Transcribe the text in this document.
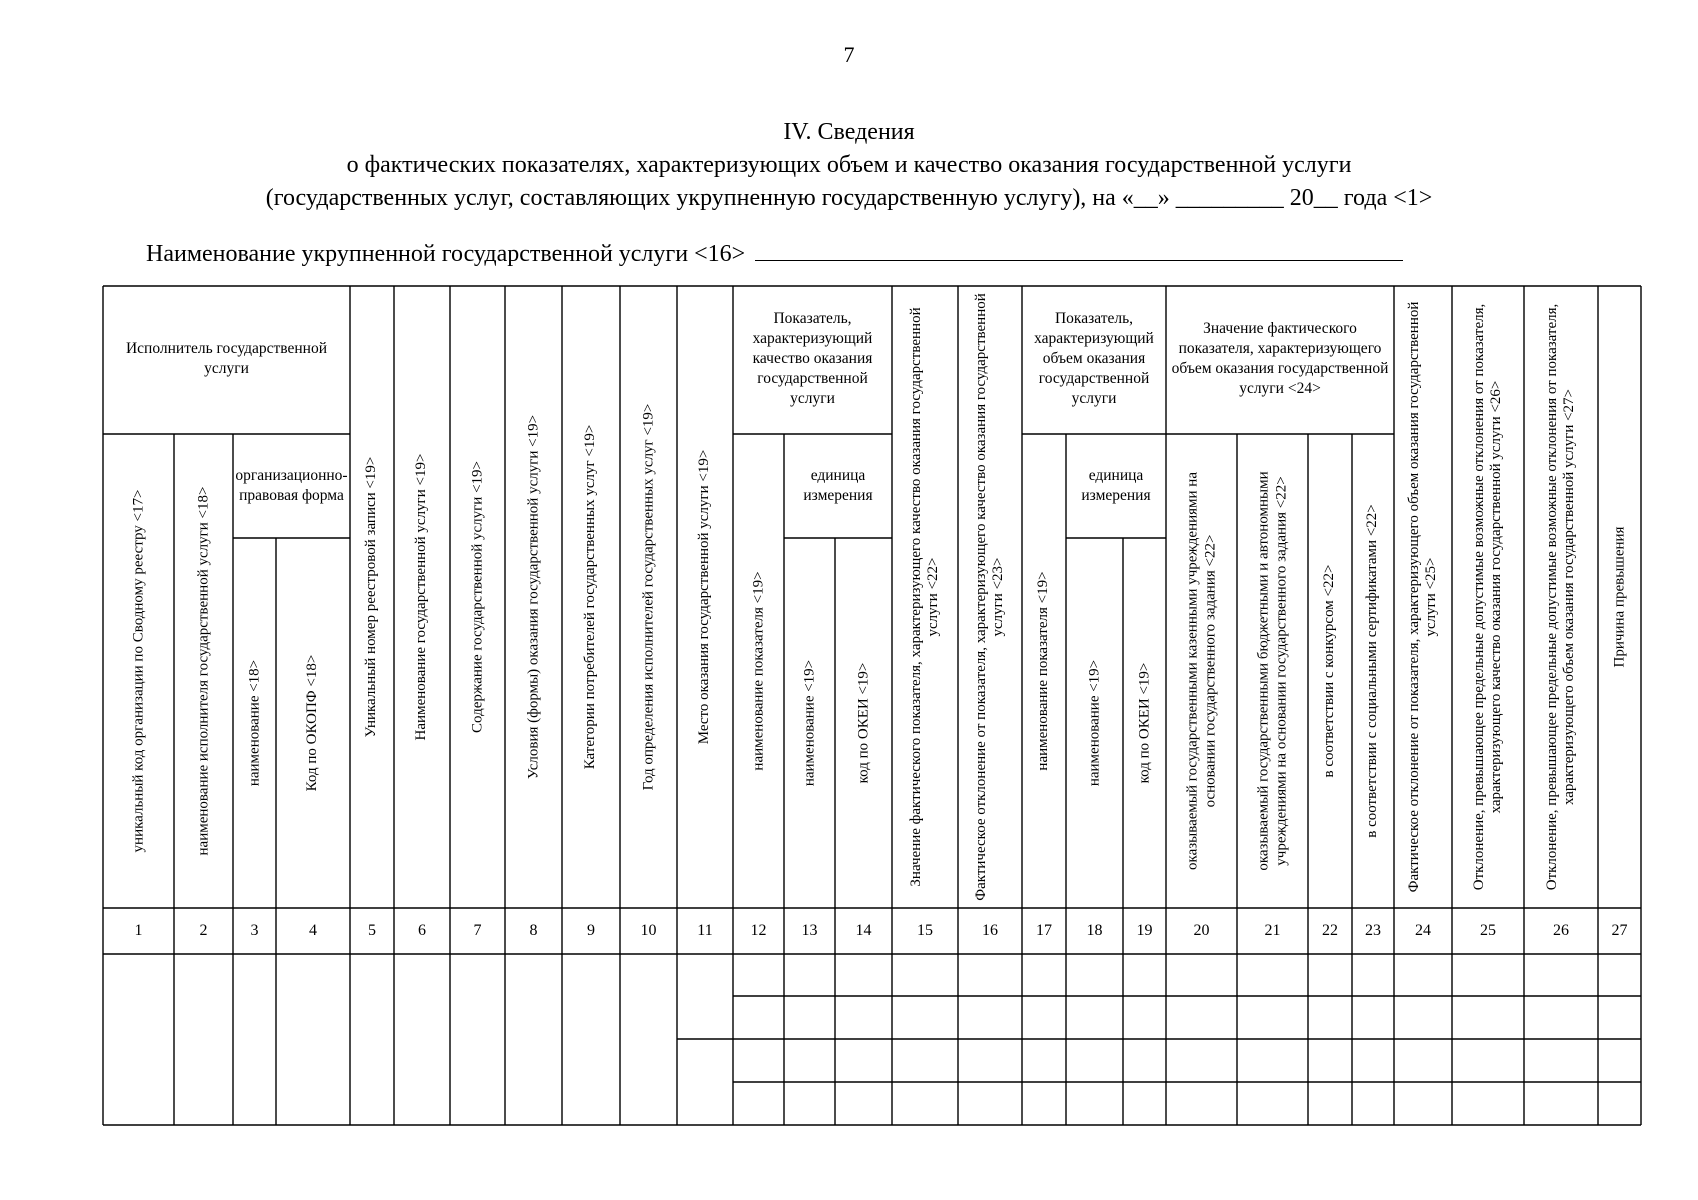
7
IV. Сведения
о фактических показателях, характеризующих объем и качество оказания государственной услуги
(государственных услуг, составляющих укрупненную государственную услугу), на «__» _________ 20__ года <1>
Наименование укрупненной государственной услуги <16>
Исполнитель государственной услуги
организационно-правовая форма
Показатель, характеризующий качество оказания государственной услуги
единица измерения
Показатель, характеризующий объем оказания государственной услуги
единица измерения
Значение фактического показателя, характеризующего объем оказания государственной услуги <24>
уникальный код организации по Сводному реестру <17>
1
наименование исполнителя государственной услуги <18>
2
наименование <18>
3
Код по ОКОПФ <18>
4
Уникальный номер реестровой записи <19>
5
Наименование государственной услуги <19>
6
Содержание государственной услуги <19>
7
Условия (формы) оказания государственной услуги <19>
8
Категории потребителей государственных услуг <19>
9
Год определения исполнителей государственных услуг <19>
10
Место оказания государственной услуги <19>
11
наименование показателя <19>
12
наименование <19>
13
код по ОКЕИ <19>
14
Значение фактического показателя, характеризующего качество оказания государственной услуги <22>
15
Фактическое отклонение от показателя, характеризующего качество оказания государственной услуги <23>
16
наименование показателя <19>
17
наименование <19>
18
код по ОКЕИ <19>
19
оказываемый государственными казенными учреждениями на основании государственного задания <22>
20
оказываемый государственными бюджетными и автономными учреждениями на основании государственного задания <22>
21
в соответствии с конкурсом <22>
22
в соответствии с социальными сертификатами <22>
23
Фактическое отклонение от показателя, характеризующего объем оказания государственной услуги <25>
24
Отклонение, превышающее предельные допустимые возможные отклонения от показателя, характеризующего качество оказания государственной услуги <26>
25
Отклонение, превышающее предельные допустимые возможные отклонения от показателя, характеризующего объем оказания государственной услуги <27>
26
Причина превышения
27
